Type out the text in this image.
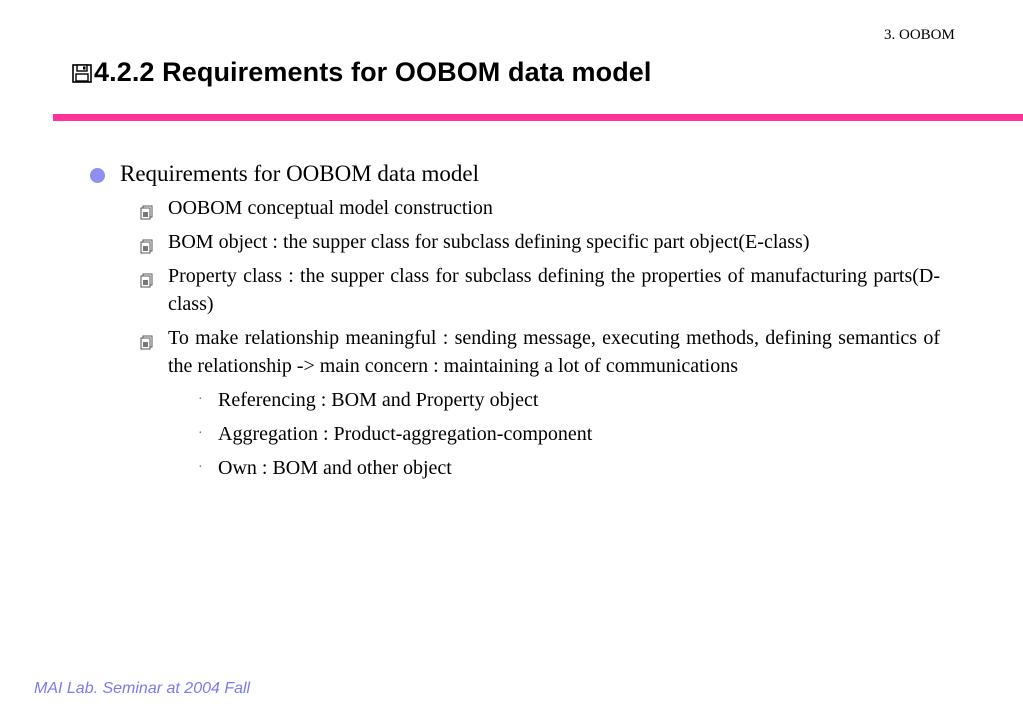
3. OOBOM
4.2.2 Requirements for OOBOM data model
Requirements for OOBOM data model
OOBOM conceptual model construction
BOM object : the supper class for subclass defining specific part object(E-class)
Property class : the supper class for subclass defining the properties of manufacturing parts(D-class)
To make relationship meaningful : sending message, executing methods, defining semantics of the relationship -> main concern : maintaining a lot of communications
· Referencing : BOM and Property object
· Aggregation : Product-aggregation-component
· Own : BOM and other object
MAI Lab. Seminar at 2004 Fall
